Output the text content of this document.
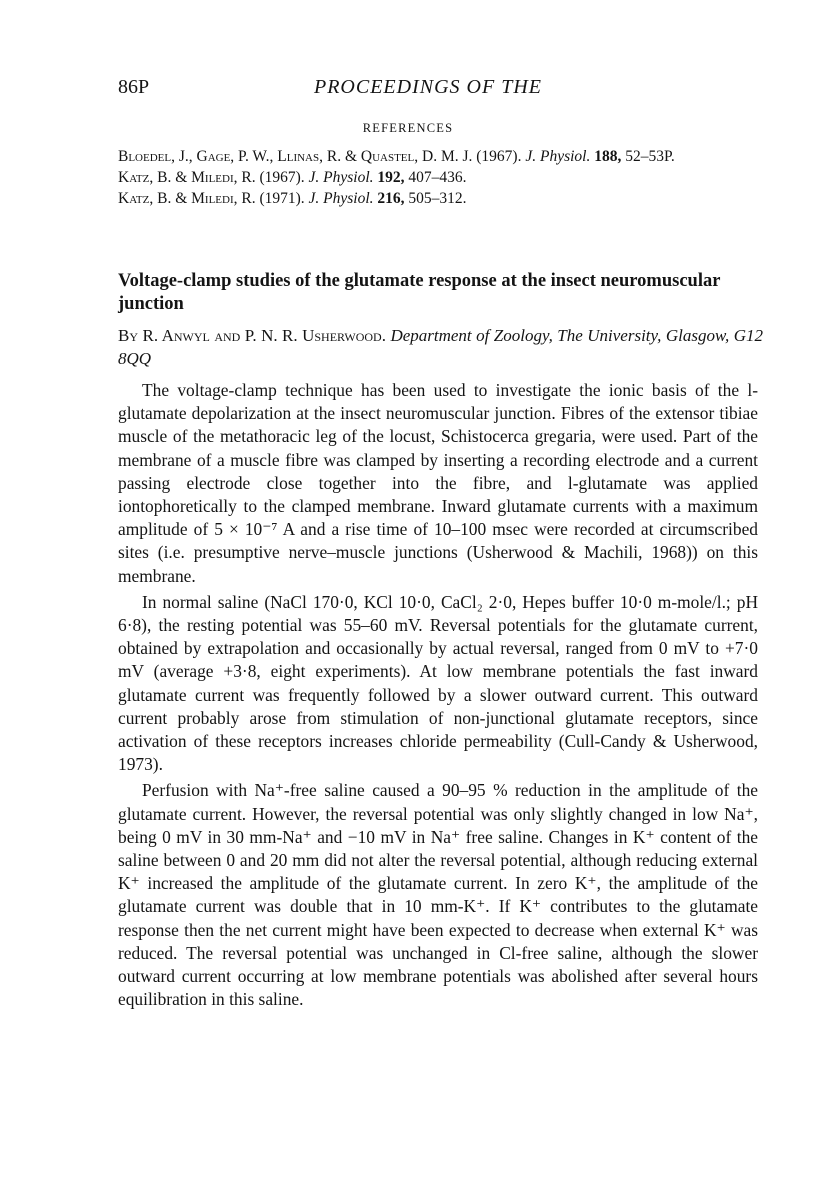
86P	PROCEEDINGS OF THE
REFERENCES

Bloedel, J., Gage, P. W., Llinas, R. & Quastel, D. M. J. (1967). J. Physiol. 188, 52–53P.

Katz, B. & Miledi, R. (1967). J. Physiol. 192, 407–436.

Katz, B. & Miledi, R. (1971). J. Physiol. 216, 505–312.

Voltage-clamp studies of the glutamate response at the insect neuromuscular junction
By R. Anwyl and P. N. R. Usherwood. Department of Zoology, The University, Glasgow, G12 8QQ

The voltage-clamp technique has been used to investigate the ionic basis of the l-glutamate depolarization at the insect neuromuscular junction. Fibres of the extensor tibiae muscle of the metathoracic leg of the locust, Schistocerca gregaria, were used. Part of the membrane of a muscle fibre was clamped by inserting a recording electrode and a current passing electrode close together into the fibre, and l-glutamate was applied iontophoretically to the clamped membrane. Inward glutamate currents with a maximum amplitude of 5 × 10⁻⁷ A and a rise time of 10–100 msec were recorded at circumscribed sites (i.e. presumptive nerve–muscle junctions (Usherwood & Machili, 1968)) on this membrane.

In normal saline (NaCl 170·0, KCl 10·0, CaCl₂ 2·0, Hepes buffer 10·0 m-mole/l.; pH 6·8), the resting potential was 55–60 mV. Reversal potentials for the glutamate current, obtained by extrapolation and occasionally by actual reversal, ranged from 0 mV to +7·0 mV (average +3·8, eight experiments). At low membrane potentials the fast inward glutamate current was frequently followed by a slower outward current. This outward current probably arose from stimulation of non-junctional glutamate receptors, since activation of these receptors increases chloride permeability (Cull-Candy & Usherwood, 1973).

Perfusion with Na⁺-free saline caused a 90–95 % reduction in the amplitude of the glutamate current. However, the reversal potential was only slightly changed in low Na⁺, being 0 mV in 30 mm-Na⁺ and −10 mV in Na⁺ free saline. Changes in K⁺ content of the saline between 0 and 20 mm did not alter the reversal potential, although reducing external K⁺ increased the amplitude of the glutamate current. In zero K⁺, the amplitude of the glutamate current was double that in 10 mm-K⁺. If K⁺ contributes to the glutamate response then the net current might have been expected to decrease when external K⁺ was reduced. The reversal potential was unchanged in Cl-free saline, although the slower outward current occurring at low membrane potentials was abolished after several hours equilibration in this saline.
